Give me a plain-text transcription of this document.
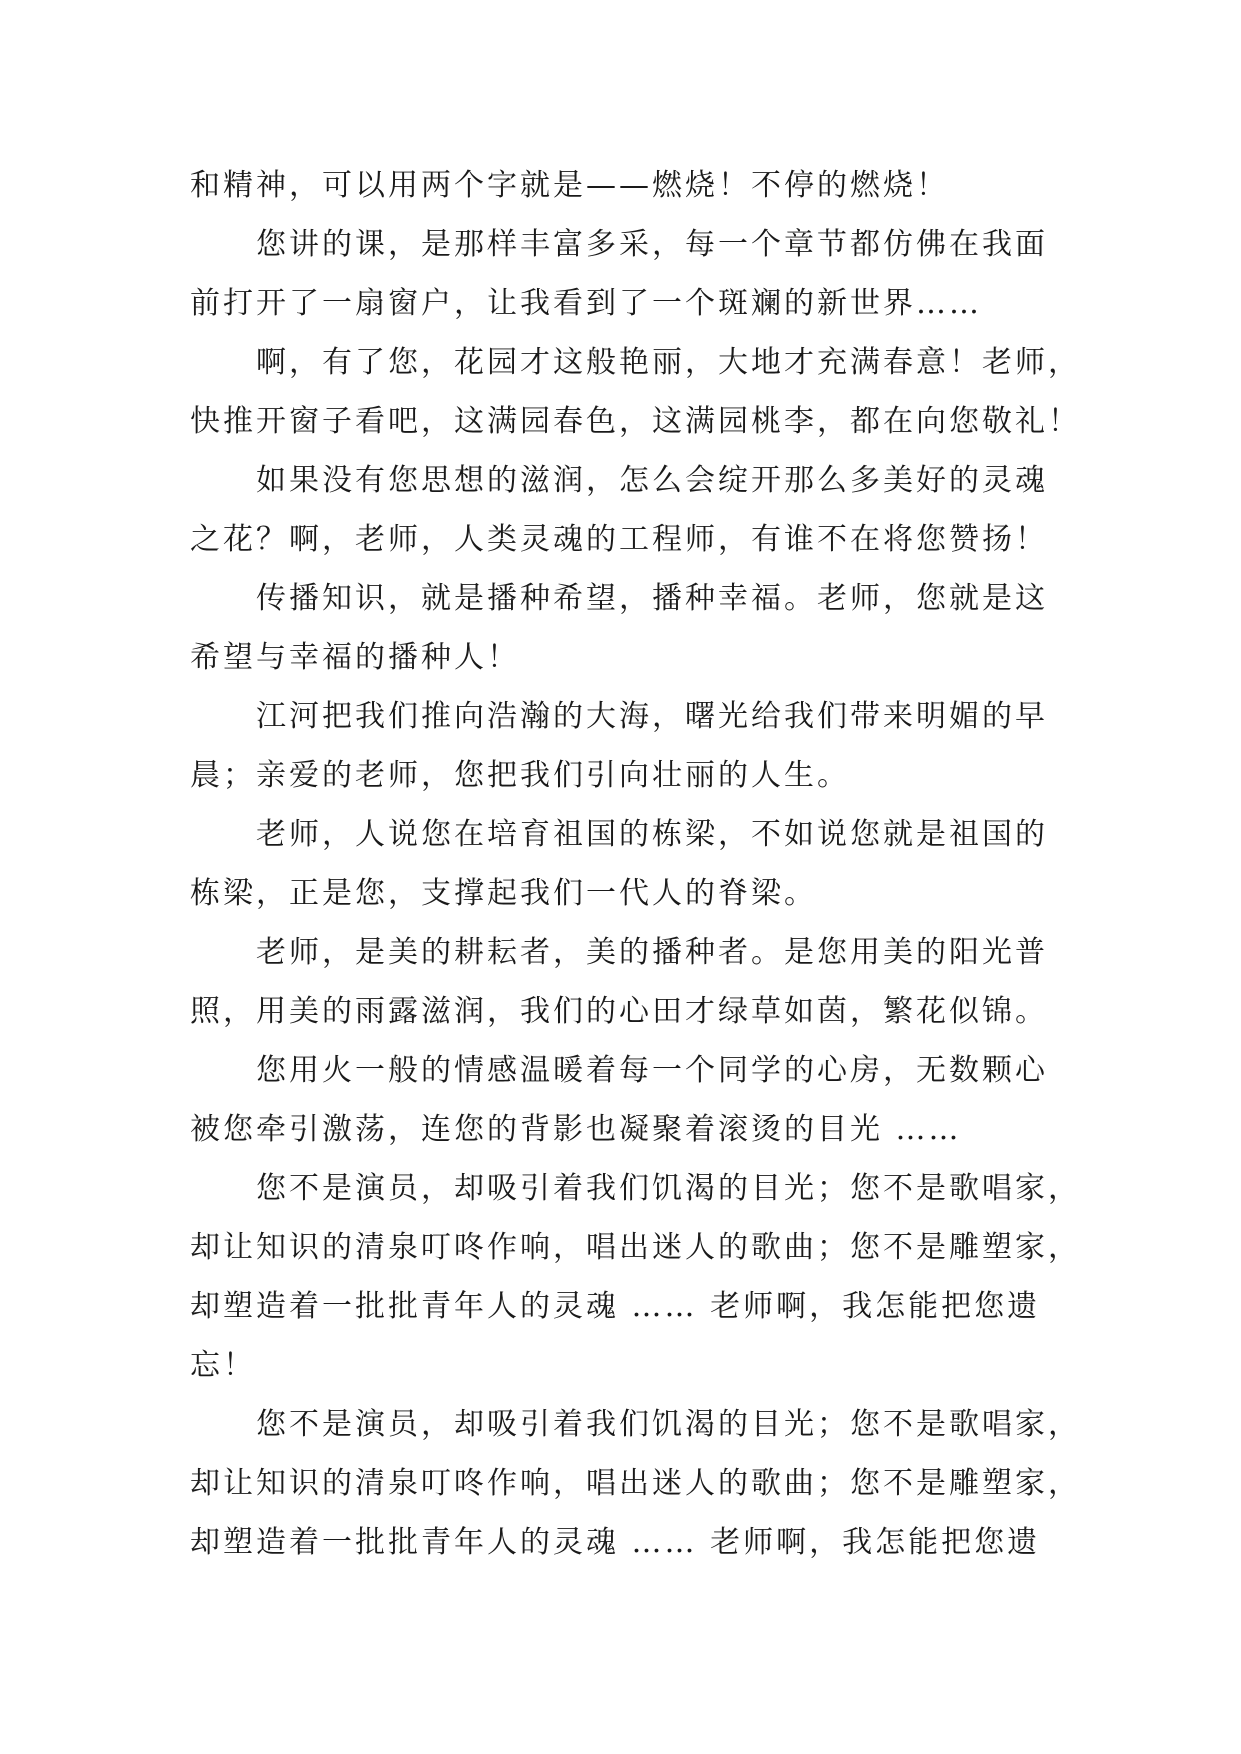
和精神，可以用两个字就是——燃烧！不停的燃烧！
您讲的课，是那样丰富多采，每一个章节都仿佛在我面
前打开了一扇窗户，让我看到了一个斑斓的新世界……
啊，有了您，花园才这般艳丽，大地才充满春意！老师，
快推开窗子看吧，这满园春色，这满园桃李，都在向您敬礼！
如果没有您思想的滋润，怎么会绽开那么多美好的灵魂
之花？啊，老师，人类灵魂的工程师，有谁不在将您赞扬！
传播知识，就是播种希望，播种幸福。老师，您就是这
希望与幸福的播种人！
江河把我们推向浩瀚的大海，曙光给我们带来明媚的早
晨；亲爱的老师，您把我们引向壮丽的人生。
老师，人说您在培育祖国的栋梁，不如说您就是祖国的
栋梁，正是您，支撑起我们一代人的脊梁。
老师，是美的耕耘者，美的播种者。是您用美的阳光普
照，用美的雨露滋润，我们的心田才绿草如茵，繁花似锦。
您用火一般的情感温暖着每一个同学的心房，无数颗心
被您牵引激荡，连您的背影也凝聚着滚烫的目光 ……
您不是演员，却吸引着我们饥渴的目光；您不是歌唱家，
却让知识的清泉叮咚作响，唱出迷人的歌曲；您不是雕塑家，
却塑造着一批批青年人的灵魂 …… 老师啊，我怎能把您遗
忘！
您不是演员，却吸引着我们饥渴的目光；您不是歌唱家，
却让知识的清泉叮咚作响，唱出迷人的歌曲；您不是雕塑家，
却塑造着一批批青年人的灵魂 …… 老师啊，我怎能把您遗
